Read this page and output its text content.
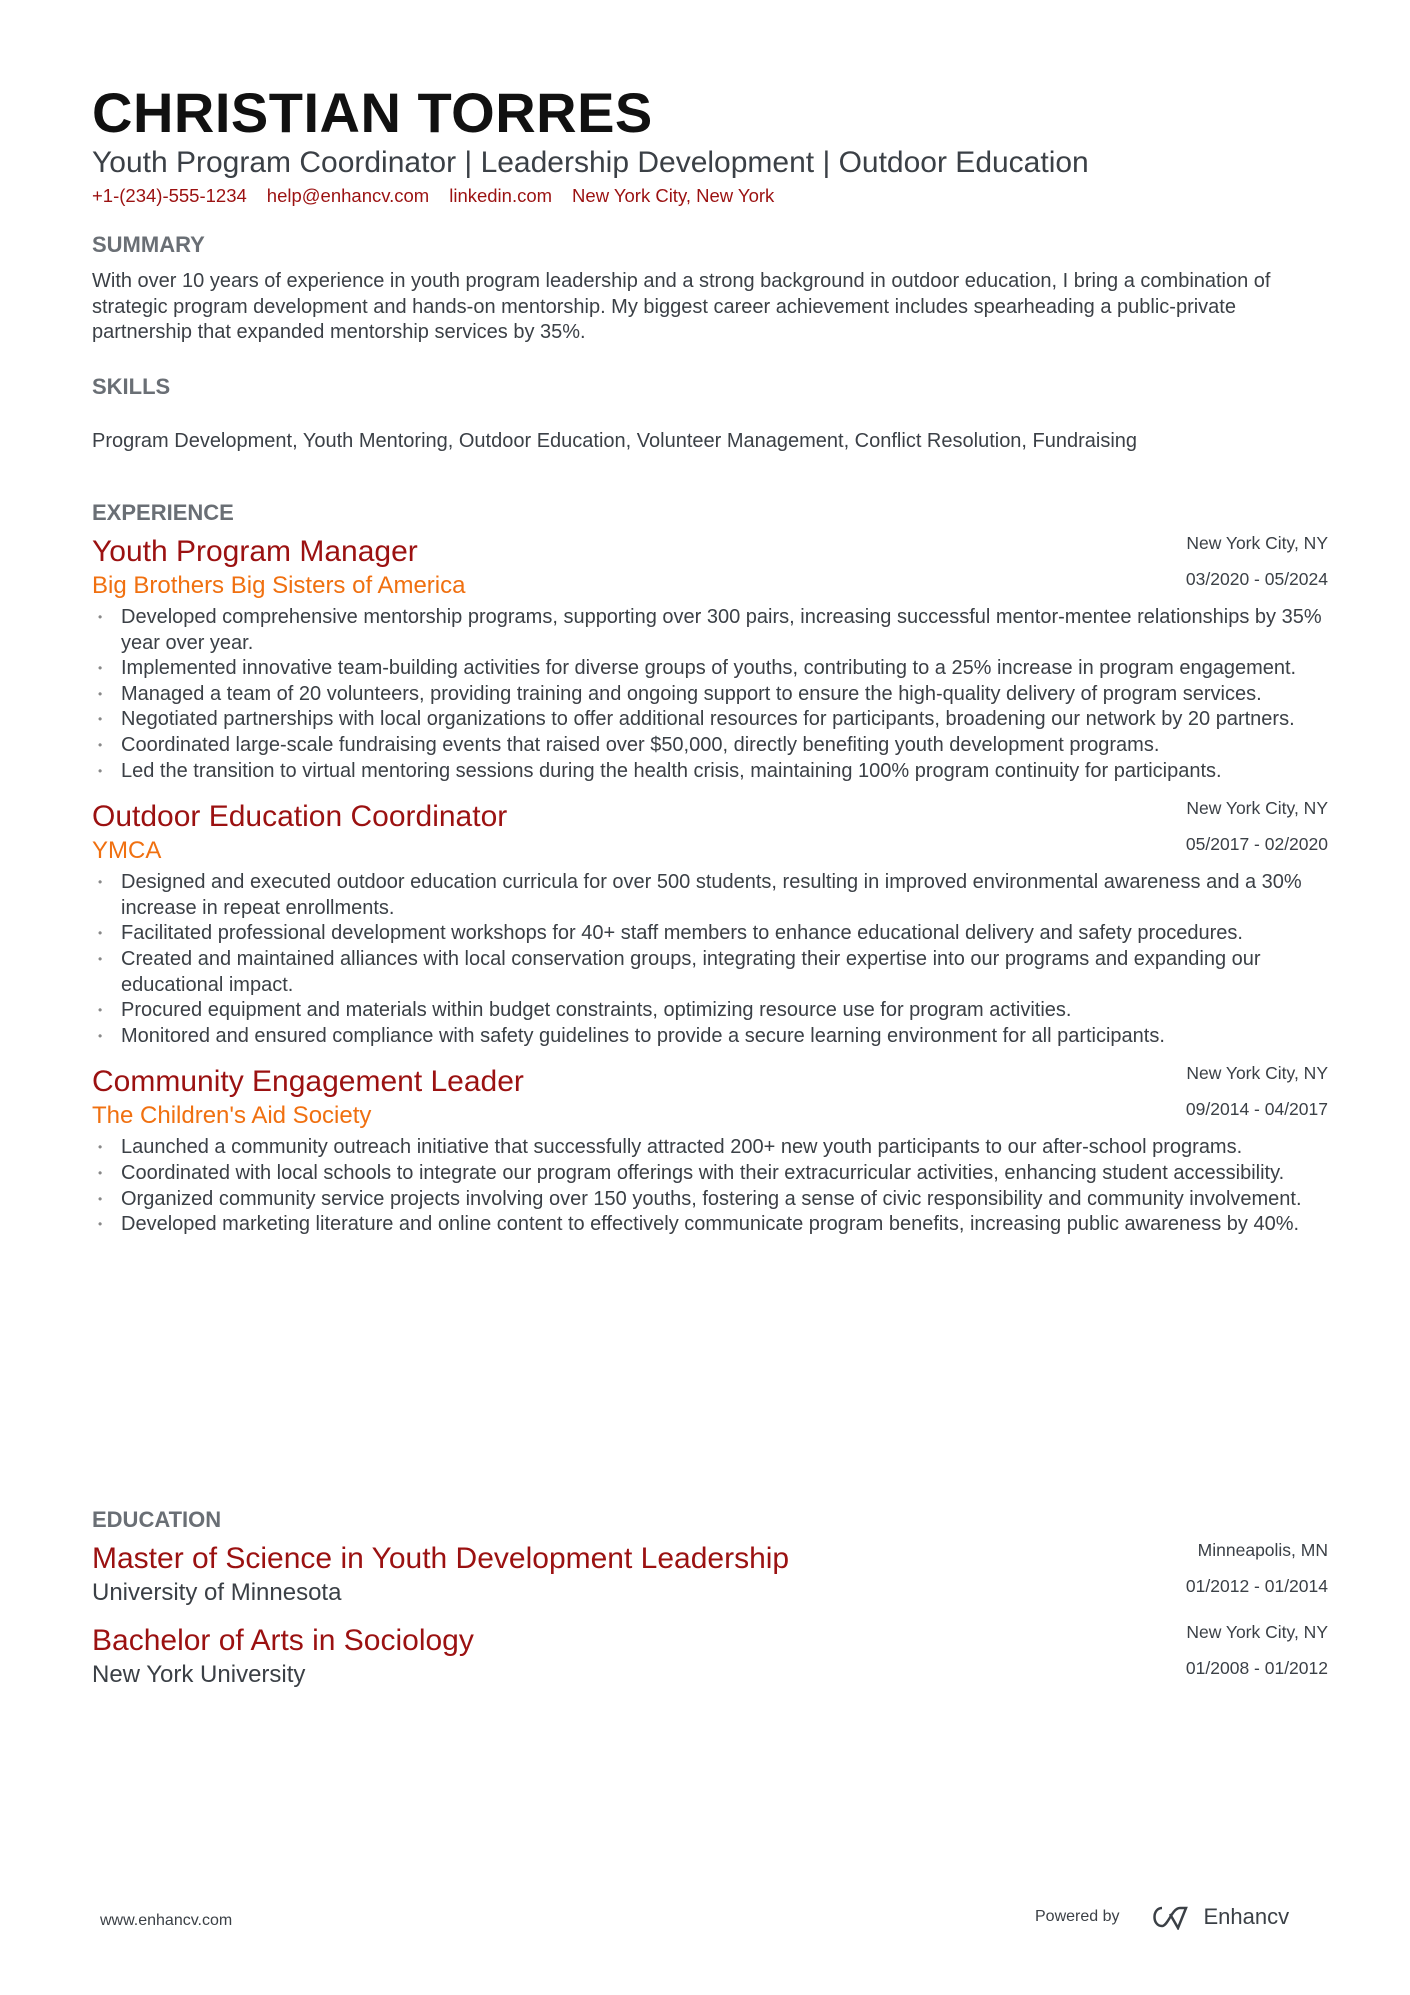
CHRISTIAN TORRES
Youth Program Coordinator | Leadership Development | Outdoor Education
+1-(234)-555-1234 help@enhancv.com linkedin.com New York City, New York
SUMMARY
With over 10 years of experience in youth program leadership and a strong background in outdoor education, I bring a combination of strategic program development and hands-on mentorship. My biggest career achievement includes spearheading a public-private partnership that expanded mentorship services by 35%.
SKILLS
Program Development, Youth Mentoring, Outdoor Education, Volunteer Management, Conflict Resolution, Fundraising
EXPERIENCE
New York City, NY
03/2020 - 05/2024
Youth Program Manager
Big Brothers Big Sisters of America
• Developed comprehensive mentorship programs, supporting over 300 pairs, increasing successful mentor-mentee relationships by 35% year over year.
• Implemented innovative team-building activities for diverse groups of youths, contributing to a 25% increase in program engagement.
• Managed a team of 20 volunteers, providing training and ongoing support to ensure the high-quality delivery of program services.
• Negotiated partnerships with local organizations to offer additional resources for participants, broadening our network by 20 partners.
• Coordinated large-scale fundraising events that raised over $50,000, directly benefiting youth development programs.
• Led the transition to virtual mentoring sessions during the health crisis, maintaining 100% program continuity for participants.
New York City, NY
05/2017 - 02/2020
Outdoor Education Coordinator
YMCA
• Designed and executed outdoor education curricula for over 500 students, resulting in improved environmental awareness and a 30% increase in repeat enrollments.
• Facilitated professional development workshops for 40+ staff members to enhance educational delivery and safety procedures.
• Created and maintained alliances with local conservation groups, integrating their expertise into our programs and expanding our educational impact.
• Procured equipment and materials within budget constraints, optimizing resource use for program activities.
• Monitored and ensured compliance with safety guidelines to provide a secure learning environment for all participants.
New York City, NY
09/2014 - 04/2017
Community Engagement Leader
The Children's Aid Society
• Launched a community outreach initiative that successfully attracted 200+ new youth participants to our after-school programs.
• Coordinated with local schools to integrate our program offerings with their extracurricular activities, enhancing student accessibility.
• Organized community service projects involving over 150 youths, fostering a sense of civic responsibility and community involvement.
• Developed marketing literature and online content to effectively communicate program benefits, increasing public awareness by 40%.
EDUCATION
Minneapolis, MN
01/2012 - 01/2014
Master of Science in Youth Development Leadership
University of Minnesota
New York City, NY
01/2008 - 01/2012
Bachelor of Arts in Sociology
New York University
www.enhancv.com	Powered by	Enhancv
